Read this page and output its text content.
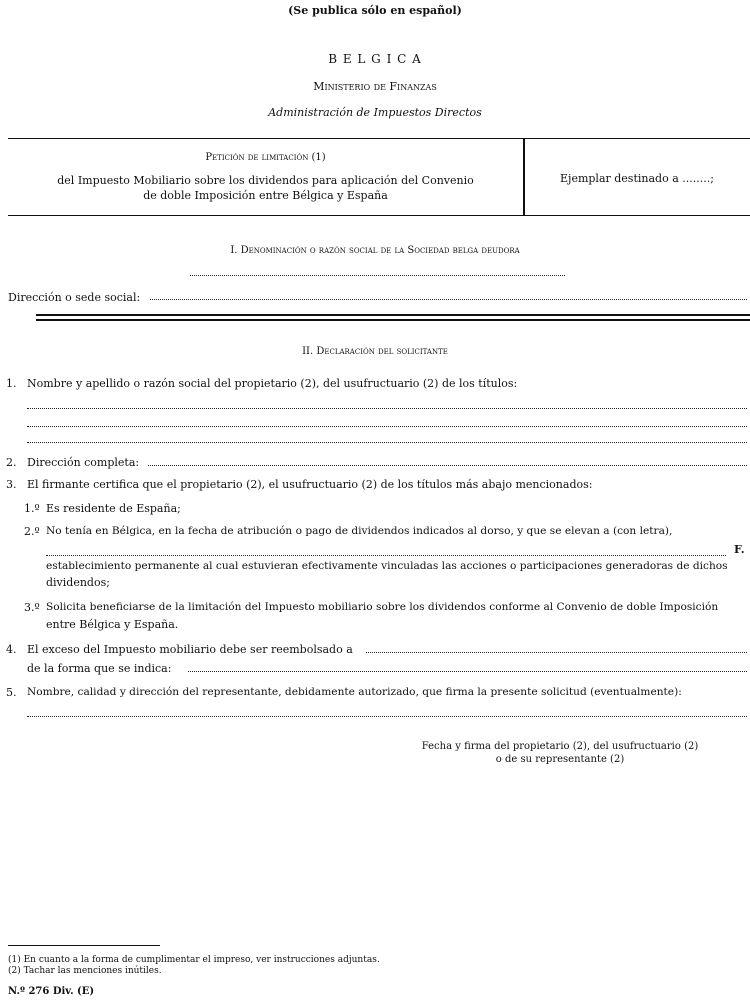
(Se publica sólo en español)
B E L G I C A
Ministerio de Finanzas
Administración de Impuestos Directos
Petición de limitación (1)
del Impuesto Mobiliario sobre los dividendos para aplicación del Convenio
de doble Imposición entre Bélgica y España
Ejemplar destinado a ........;
I. Denominación o razón social de la Sociedad belga deudora
Dirección o sede social:
II. Declaración del solicitante
1. Nombre y apellido o razón social del propietario (2), del usufructuario (2) de los títulos:
2. Dirección completa:
3. El firmante certifica que el propietario (2), el usufructuario (2) de los títulos más abajo mencionados:
1.º Es residente de España;
2.º No tenía en Bélgica, en la fecha de atribución o pago de dividendos indicados al dorso, y que se elevan a (con letra),
F.
establecimiento permanente al cual estuvieran efectivamente vinculadas las acciones o participaciones generadoras de dichos
dividendos;
3.º Solicita beneficiarse de la limitación del Impuesto mobiliario sobre los dividendos conforme al Convenio de doble Imposición
entre Bélgica y España.
4. El exceso del Impuesto mobiliario debe ser reembolsado a
de la forma que se indica:
5. Nombre, calidad y dirección del representante, debidamente autorizado, que firma la presente solicitud (eventualmente):
Fecha y firma del propietario (2), del usufructuario (2)
o de su representante (2)
(1) En cuanto a la forma de cumplimentar el impreso, ver instrucciones adjuntas.
(2) Tachar las menciones inútiles.
N.º 276 Div. (E)
